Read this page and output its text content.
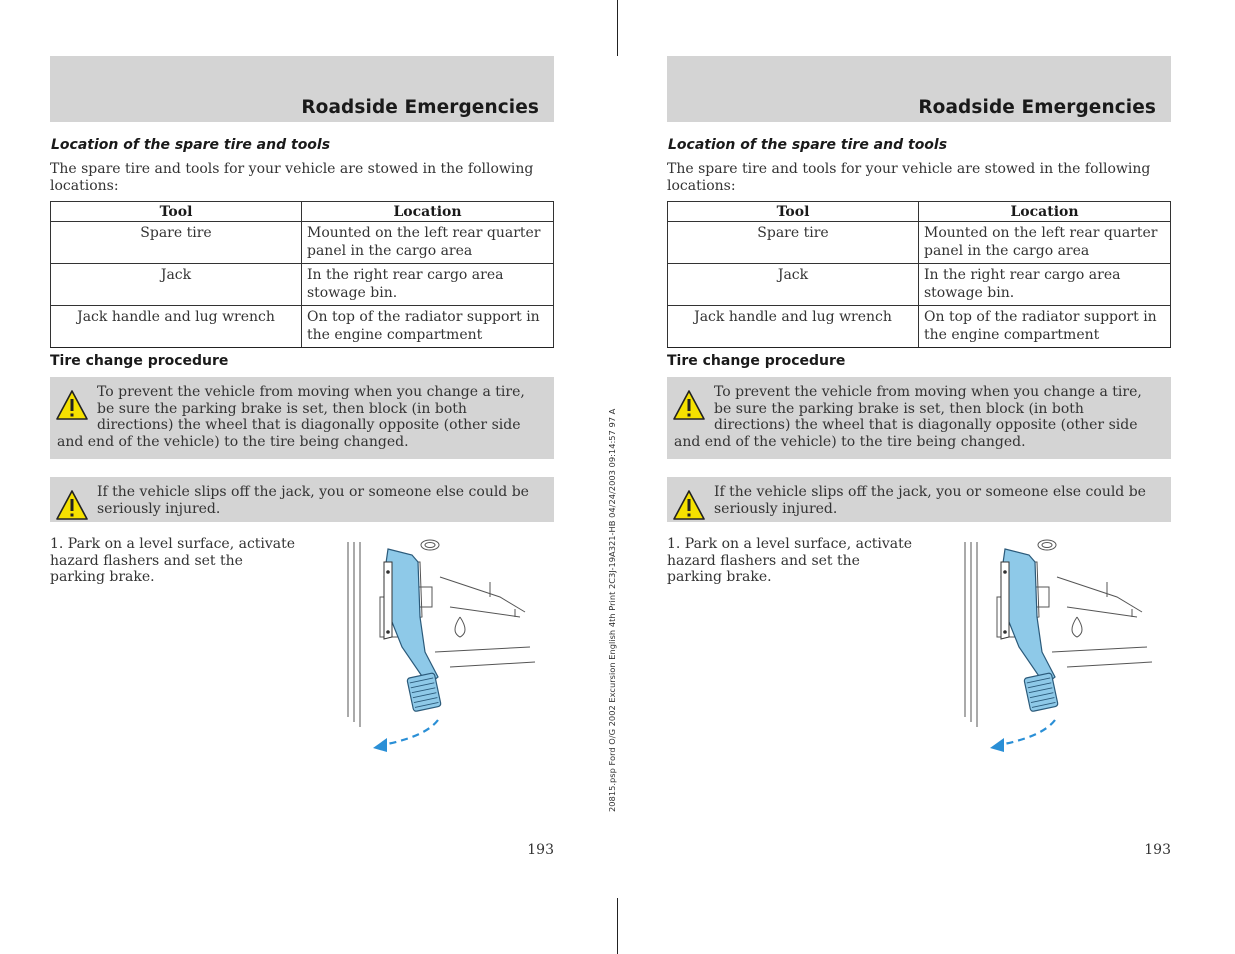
20815.psp Ford O/G 2002 Excursion English 4th Print 2C3J-19A321-HB 04/24/2003 09:14:57 97 A
Roadside Emergencies
Location of the spare tire and tools
The spare tire and tools for your vehicle are stowed in the following locations:
Tool	Location
Spare tire	Mounted on the left rear quarter panel in the cargo area
Jack	In the right rear cargo area stowage bin.
Jack handle and lug wrench	On top of the radiator support in the engine compartment
Tire change procedure
To prevent the vehicle from moving when you change a tire, be sure the parking brake is set, then block (in both directions) the wheel that is diagonally opposite (other side and end of the vehicle) to the tire being changed.
If the vehicle slips off the jack, you or someone else could be seriously injured.
1. Park on a level surface, activate hazard flashers and set the parking brake.
193
Roadside Emergencies
Location of the spare tire and tools
The spare tire and tools for your vehicle are stowed in the following locations:
Tool	Location
Spare tire	Mounted on the left rear quarter panel in the cargo area
Jack	In the right rear cargo area stowage bin.
Jack handle and lug wrench	On top of the radiator support in the engine compartment
Tire change procedure
To prevent the vehicle from moving when you change a tire, be sure the parking brake is set, then block (in both directions) the wheel that is diagonally opposite (other side and end of the vehicle) to the tire being changed.
If the vehicle slips off the jack, you or someone else could be seriously injured.
1. Park on a level surface, activate hazard flashers and set the parking brake.
193
